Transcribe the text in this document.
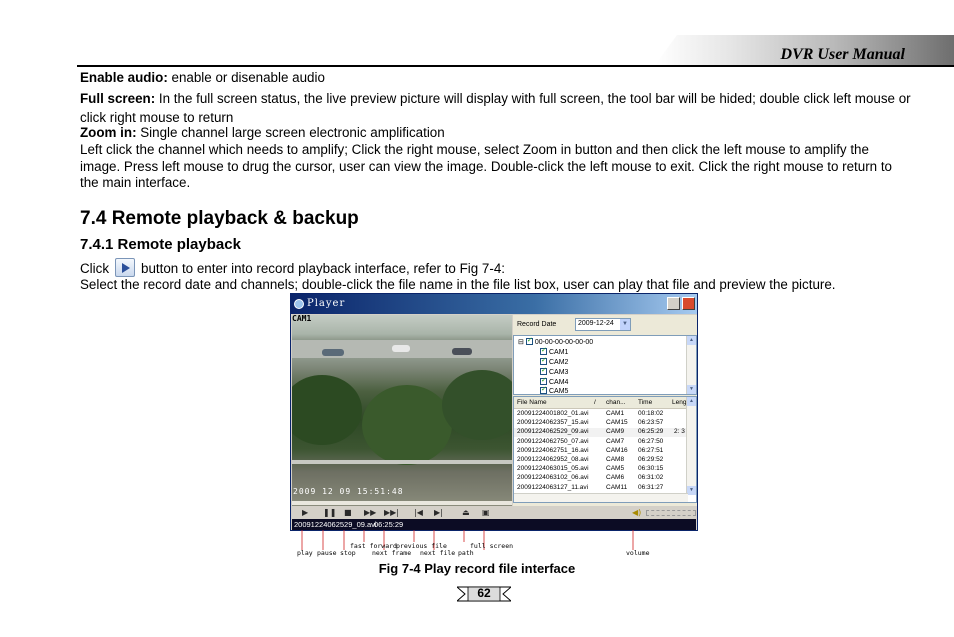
DVR User Manual
Enable audio: enable or disenable audio
Full screen: In the full screen status, the live preview picture will display with full screen, the tool bar will be hided; double click left mouse or click right mouse to return
Zoom in: Single channel large screen electronic amplification
Left click the channel which needs to amplify; Click the right mouse, select Zoom in button and then click the left mouse to amplify the image. Press left mouse to drug the cursor, user can view the image. Double-click the left mouse to exit. Click the right mouse to return to the main interface.
7.4 Remote playback & backup
7.4.1 Remote playback
Click button to enter into record playback interface, refer to Fig 7-4:
Select the record date and channels; double-click the file name in the file list box, user can play that file and preview the picture.
Player
CAM1
2009 12 09 15:51:48
Record Date	2009-12-24	▼
⊟ ✓00-00-00-00-00-00
✓CAM1
✓CAM2
✓CAM3
✓CAM4
✓CAM5
▲
▼
File Name	/ chan... Time	Leng
20091224001802_01.avi	CAM1 00:18:02
20091224062357_15.avi	CAM15 06:23:57
20091224062529_09.avi	CAM9 06:25:29 2: 3
20091224062750_07.avi	CAM7 06:27:50
20091224062751_16.avi	CAM16 06:27:51
20091224062952_08.avi	CAM8 06:29:52
20091224063015_05.avi	CAM5 06:30:15
20091224063102_06.avi	CAM6 06:31:02
20091224063127_11.avi	CAM11 06:31:27
▲
▼
▶ ❚❚ ■ ▶▶ ▶▶| |◀ ▶| ⏏ ▣	◀)
20091224062529_09.avi
06:25:29
play pause stop
fast forward
next frame
previous file
next file
full screen
path	volume
Fig 7-4 Play record file interface
62
